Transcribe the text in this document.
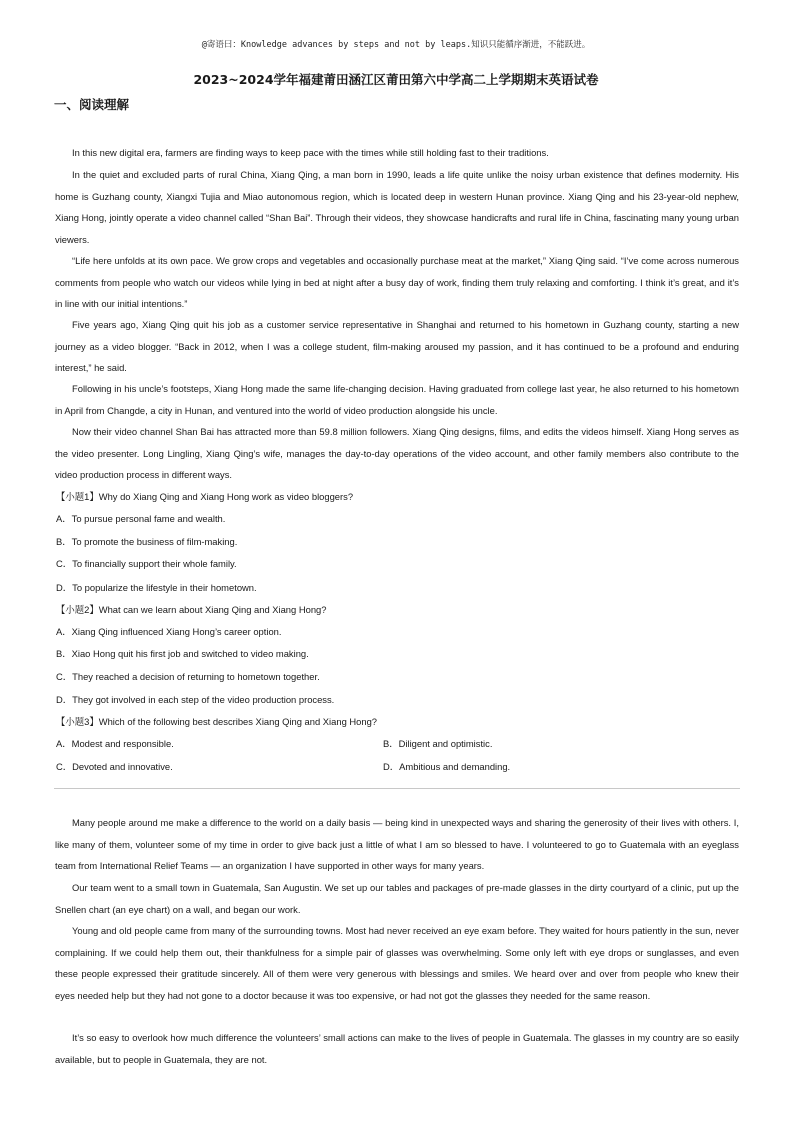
@寄语曰：Knowledge advances by steps and not by leaps.知识只能循序渐进，不能跃进。
2023~2024学年福建莆田涵江区莆田第六中学高二上学期期末英语试卷
一、阅读理解

In this new digital era, farmers are finding ways to keep pace with the times while still holding fast to their traditions.

In the quiet and excluded parts of rural China, Xiang Qing, a man born in 1990, leads a life quite unlike the noisy urban existence that defines modernity. His home is Guzhang county, Xiangxi Tujia and Miao autonomous region, which is located deep in western Hunan province. Xiang Qing and his 23-year-old nephew, Xiang Hong, jointly operate a video channel called “Shan Bai”. Through their videos, they showcase handicrafts and rural life in China, fascinating many young urban viewers.

“Life here unfolds at its own pace. We grow crops and vegetables and occasionally purchase meat at the market,” Xiang Qing said. “I’ve come across numerous comments from people who watch our videos while lying in bed at night after a busy day of work, finding them truly relaxing and comforting. I think it’s great, and it’s in line with our initial intentions.”

Five years ago, Xiang Qing quit his job as a customer service representative in Shanghai and returned to his hometown in Guzhang county, starting a new journey as a video blogger. “Back in 2012, when I was a college student, film-making aroused my passion, and it has continued to be a profound and enduring interest,” he said.

Following in his uncle’s footsteps, Xiang Hong made the same life-changing decision. Having graduated from college last year, he also returned to his hometown in April from Changde, a city in Hunan, and ventured into the world of video production alongside his uncle.

Now their video channel Shan Bai has attracted more than 59.8 million followers. Xiang Qing designs, films, and edits the videos himself. Xiang Hong serves as the video presenter. Long Lingling, Xiang Qing’s wife, manages the day-to-day operations of the video account, and other family members also contribute to the video production process in different ways.

【小题1】Why do Xiang Qing and Xiang Hong work as video bloggers?

A．To pursue personal fame and wealth.

B．To promote the business of film-making.

C．To financially support their whole family.

D．To popularize the lifestyle in their hometown.

【小题2】What can we learn about Xiang Qing and Xiang Hong?

A．Xiang Qing influenced Xiang Hong’s career option.

B．Xiao Hong quit his first job and switched to video making.

C．They reached a decision of returning to hometown together.

D．They got involved in each step of the video production process.

【小题3】Which of the following best describes Xiang Qing and Xiang Hong?

A．Modest and responsible.	B．Diligent and optimistic.

C．Devoted and innovative.	D．Ambitious and demanding.

Many people around me make a difference to the world on a daily basis — being kind in unexpected ways and sharing the generosity of their lives with others. I, like many of them, volunteer some of my time in order to give back just a little of what I am so blessed to have. I volunteered to go to Guatemala with an eyeglass team from International Relief Teams — an organization I have supported in other ways for many years.

Our team went to a small town in Guatemala, San Augustin. We set up our tables and packages of pre-made glasses in the dirty courtyard of a clinic, put up the Snellen chart (an eye chart) on a wall, and began our work.

Young and old people came from many of the surrounding towns. Most had never received an eye exam before. They waited for hours patiently in the sun, never complaining. If we could help them out, their thankfulness for a simple pair of glasses was overwhelming. Some only left with eye drops or sunglasses, and even these people expressed their gratitude sincerely. All of them were very generous with blessings and smiles. We heard over and over from people who knew their eyes needed help but they had not gone to a doctor because it was too expensive, or had not got the glasses they needed for the same reason.

It’s so easy to overlook how much difference the volunteers’ small actions can make to the lives of people in Guatemala. The glasses in my country are so easily available, but to people in Guatemala, they are not.
